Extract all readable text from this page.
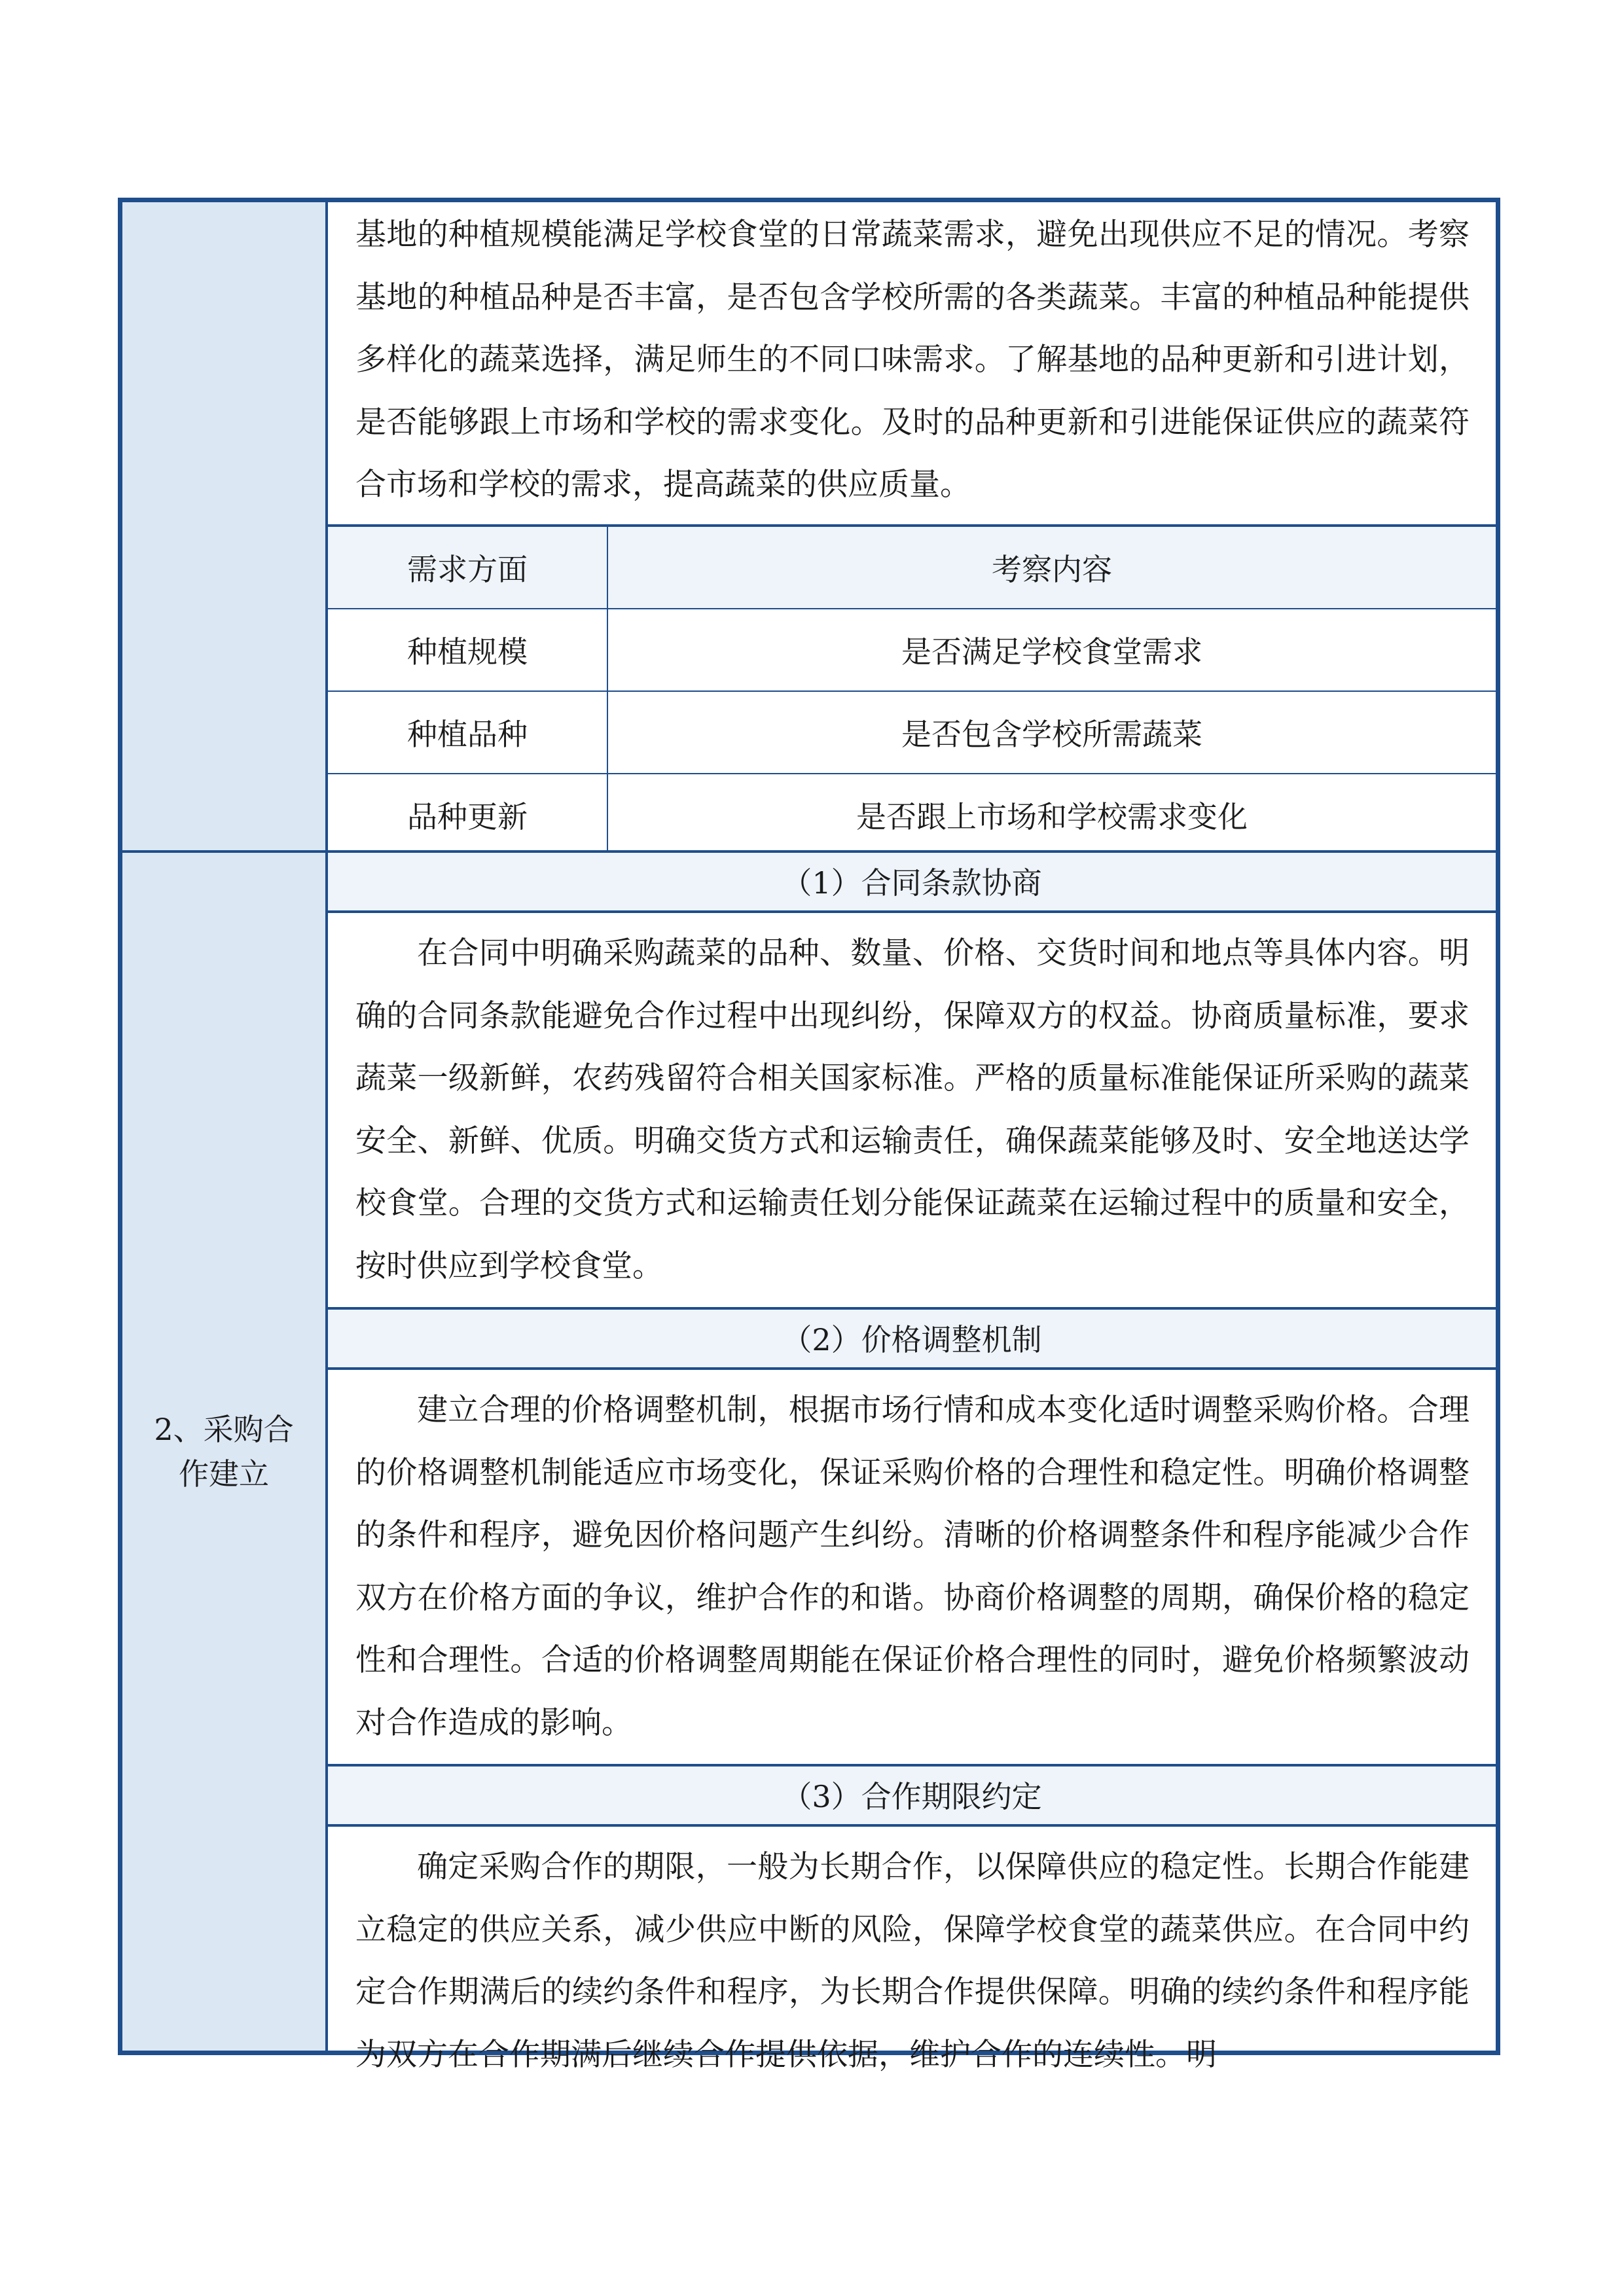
基地的种植规模能满足学校食堂的日常蔬菜需求，避免出现供应不足的情况。考察基地的种植品种是否丰富，是否包含学校所需的各类蔬菜。丰富的种植品种能提供多样化的蔬菜选择，满足师生的不同口味需求。了解基地的品种更新和引进计划，是否能够跟上市场和学校的需求变化。及时的品种更新和引进能保证供应的蔬菜符合市场和学校的需求，提高蔬菜的供应质量。
需求方面	考察内容
种植规模	是否满足学校食堂需求
种植品种	是否包含学校所需蔬菜
品种更新	是否跟上市场和学校需求变化
2、采购合作建立
（1）合同条款协商
在合同中明确采购蔬菜的品种、数量、价格、交货时间和地点等具体内容。明确的合同条款能避免合作过程中出现纠纷，保障双方的权益。协商质量标准，要求蔬菜一级新鲜，农药残留符合相关国家标准。严格的质量标准能保证所采购的蔬菜安全、新鲜、优质。明确交货方式和运输责任，确保蔬菜能够及时、安全地送达学校食堂。合理的交货方式和运输责任划分能保证蔬菜在运输过程中的质量和安全，按时供应到学校食堂。
（2）价格调整机制
建立合理的价格调整机制，根据市场行情和成本变化适时调整采购价格。合理的价格调整机制能适应市场变化，保证采购价格的合理性和稳定性。明确价格调整的条件和程序，避免因价格问题产生纠纷。清晰的价格调整条件和程序能减少合作双方在价格方面的争议，维护合作的和谐。协商价格调整的周期，确保价格的稳定性和合理性。合适的价格调整周期能在保证价格合理性的同时，避免价格频繁波动对合作造成的影响。
（3）合作期限约定
确定采购合作的期限，一般为长期合作，以保障供应的稳定性。长期合作能建立稳定的供应关系，减少供应中断的风险，保障学校食堂的蔬菜供应。在合同中约定合作期满后的续约条件和程序，为长期合作提供保障。明确的续约条件和程序能为双方在合作期满后继续合作提供依据，维护合作的连续性。明
